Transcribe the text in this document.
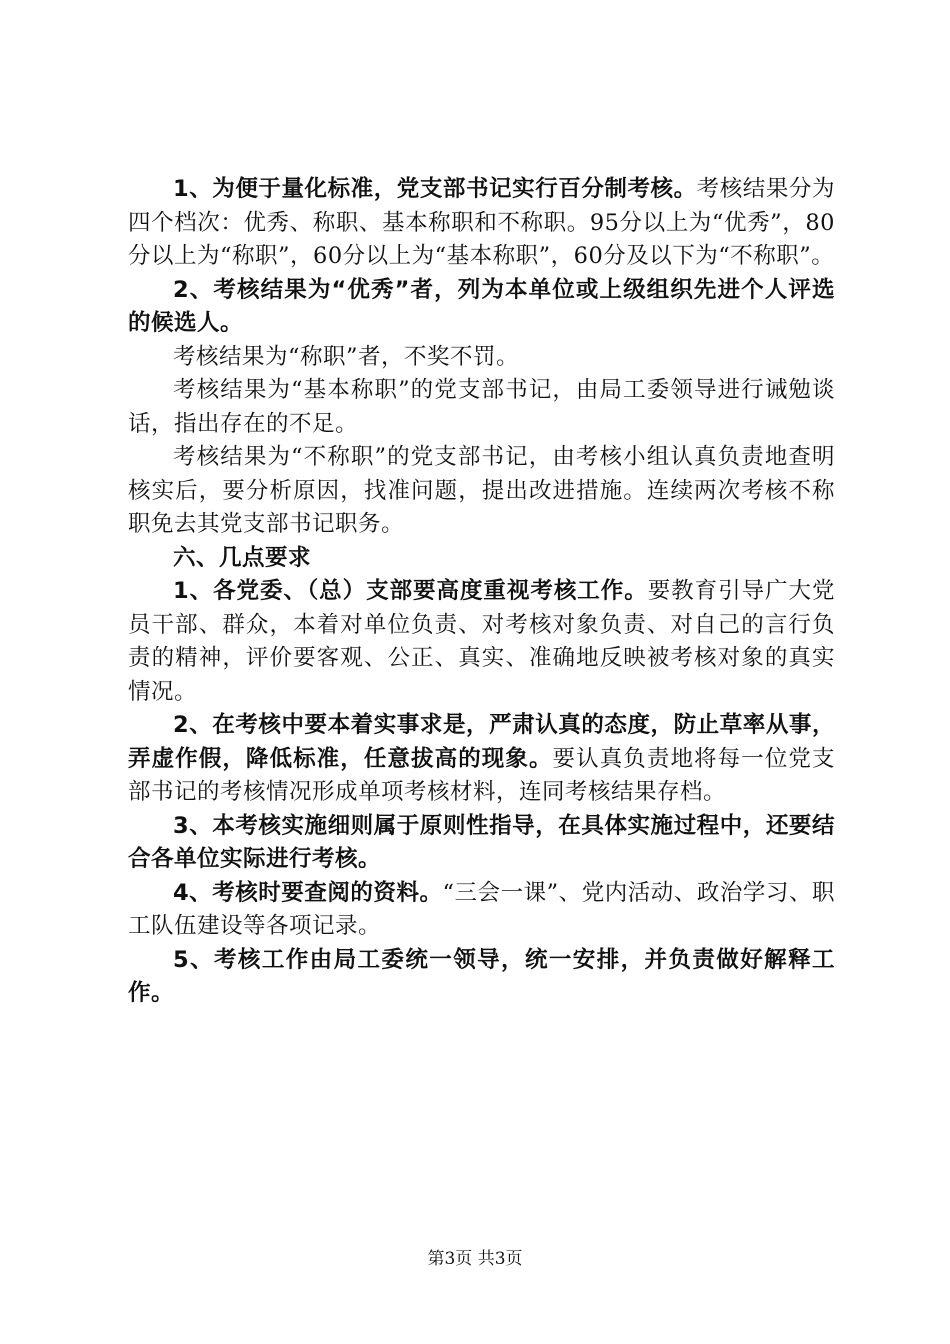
1、为便于量化标准，党支部书记实行百分制考核。考核结果分为四个档次：优秀、称职、基本称职和不称职。95分以上为“优秀”，80分以上为“称职”，60分以上为“基本称职”，60分及以下为“不称职”。

2、考核结果为“优秀”者，列为本单位或上级组织先进个人评选的候选人。

考核结果为“称职”者，不奖不罚。

考核结果为“基本称职”的党支部书记，由局工委领导进行诫勉谈话，指出存在的不足。

考核结果为“不称职”的党支部书记，由考核小组认真负责地查明核实后，要分析原因，找准问题，提出改进措施。连续两次考核不称职免去其党支部书记职务。

六、几点要求

1、各党委、（总）支部要高度重视考核工作。要教育引导广大党员干部、群众，本着对单位负责、对考核对象负责、对自己的言行负责的精神，评价要客观、公正、真实、准确地反映被考核对象的真实情况。

2、在考核中要本着实事求是，严肃认真的态度，防止草率从事，弄虚作假，降低标准，任意拔高的现象。要认真负责地将每一位党支部书记的考核情况形成单项考核材料，连同考核结果存档。

3、本考核实施细则属于原则性指导，在具体实施过程中，还要结合各单位实际进行考核。

4、考核时要查阅的资料。“三会一课”、党内活动、政治学习、职工队伍建设等各项记录。

5、考核工作由局工委统一领导，统一安排，并负责做好解释工作。

第3页 共3页
